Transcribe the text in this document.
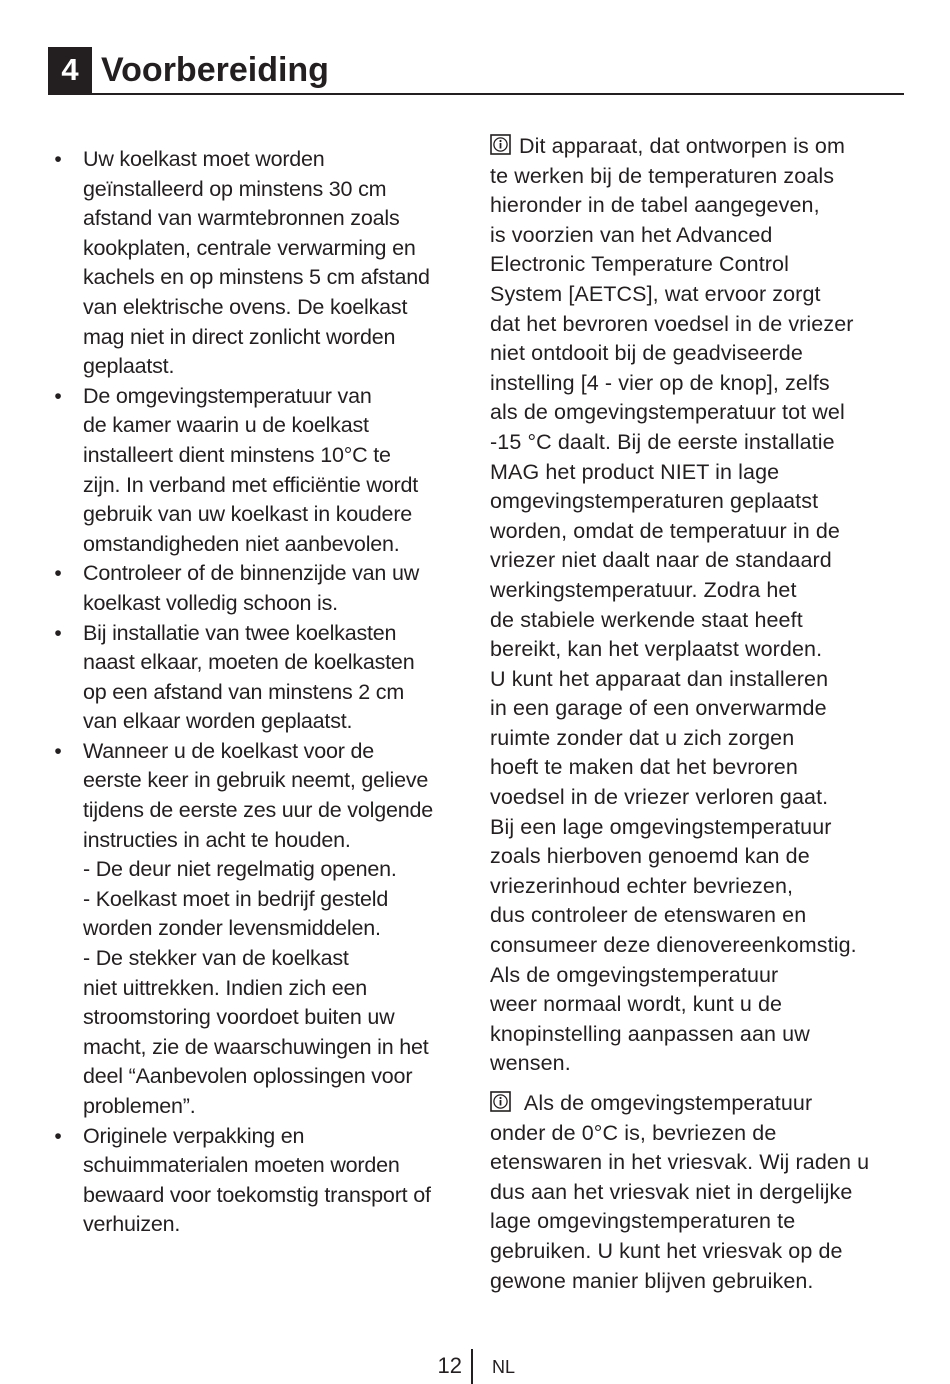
4 Voorbereiding
• Uw koelkast moet worden
geïnstalleerd op minstens 30 cm
afstand van warmtebronnen zoals
kookplaten, centrale verwarming en
kachels en op minstens 5 cm afstand
van elektrische ovens. De koelkast
mag niet in direct zonlicht worden
geplaatst.
• De omgevingstemperatuur van
de kamer waarin u de koelkast
installeert dient minstens 10°C te
zijn. In verband met efficiëntie wordt
gebruik van uw koelkast in koudere
omstandigheden niet aanbevolen.
• Controleer of de binnenzijde van uw
koelkast volledig schoon is.
• Bij installatie van twee koelkasten
naast elkaar, moeten de koelkasten
op een afstand van minstens 2 cm
van elkaar worden geplaatst.
• Wanneer u de koelkast voor de
eerste keer in gebruik neemt, gelieve
tijdens de eerste zes uur de volgende
instructies in acht te houden.
- De deur niet regelmatig openen.
- Koelkast moet in bedrijf gesteld
worden zonder levensmiddelen.
- De stekker van de koelkast
niet uittrekken. Indien zich een
stroomstoring voordoet buiten uw
macht, zie de waarschuwingen in het
deel “Aanbevolen oplossingen voor
problemen”.
• Originele verpakking en
schuimmaterialen moeten worden
bewaard voor toekomstig transport of
verhuizen.
Dit apparaat, dat ontworpen is om
te werken bij de temperaturen zoals
hieronder in de tabel aangegeven,
is voorzien van het Advanced
Electronic Temperature Control
System [AETCS], wat ervoor zorgt
dat het bevroren voedsel in de vriezer
niet ontdooit bij de geadviseerde
instelling [4 - vier op de knop], zelfs
als de omgevingstemperatuur tot wel
-15 °C daalt. Bij de eerste installatie
MAG het product NIET in lage
omgevingstemperaturen geplaatst
worden, omdat de temperatuur in de
vriezer niet daalt naar de standaard
werkingstemperatuur. Zodra het
de stabiele werkende staat heeft
bereikt, kan het verplaatst worden.
U kunt het apparaat dan installeren
in een garage of een onverwarmde
ruimte zonder dat u zich zorgen
hoeft te maken dat het bevroren
voedsel in de vriezer verloren gaat.
Bij een lage omgevingstemperatuur
zoals hierboven genoemd kan de
vriezerinhoud echter bevriezen,
dus controleer de etenswaren en
consumeer deze dienovereenkomstig.
Als de omgevingstemperatuur
weer normaal wordt, kunt u de
knopinstelling aanpassen aan uw
wensen.
Als de omgevingstemperatuur
onder de 0°C is, bevriezen de
etenswaren in het vriesvak. Wij raden u
dus aan het vriesvak niet in dergelijke
lage omgevingstemperaturen te
gebruiken. U kunt het vriesvak op de
gewone manier blijven gebruiken.
12 NL
